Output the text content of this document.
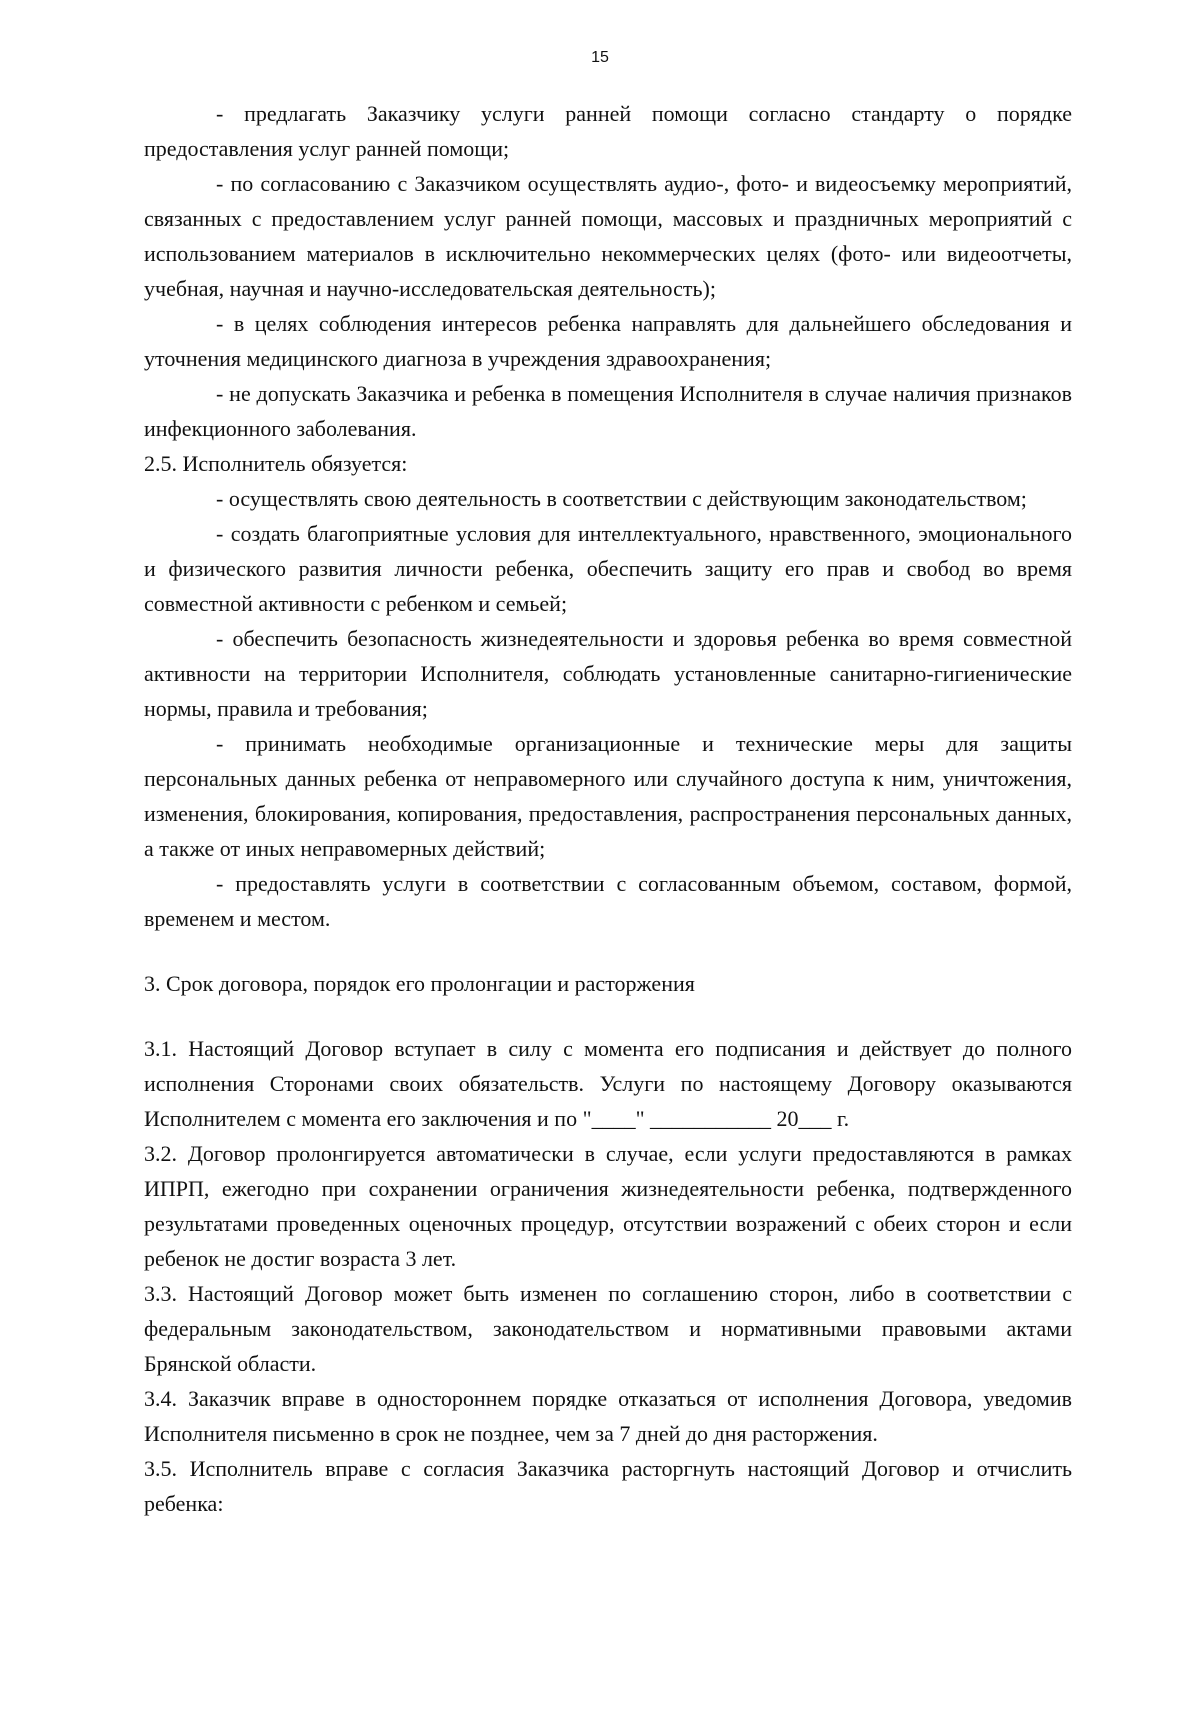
15

- предлагать Заказчику услуги ранней помощи согласно стандарту о порядке предоставления услуг ранней помощи;

- по согласованию с Заказчиком осуществлять аудио-, фото- и видеосъемку мероприятий, связанных с предоставлением услуг ранней помощи, массовых и праздничных мероприятий с использованием материалов в исключительно некоммерческих целях (фото- или видеоотчеты, учебная, научная и научно-исследовательская деятельность);

- в целях соблюдения интересов ребенка направлять для дальнейшего обследования и уточнения медицинского диагноза в учреждения здравоохранения;

- не допускать Заказчика и ребенка в помещения Исполнителя в случае наличия признаков инфекционного заболевания.

2.5. Исполнитель обязуется:

- осуществлять свою деятельность в соответствии с действующим законодательством;

- создать благоприятные условия для интеллектуального, нравственного, эмоционального и физического развития личности ребенка, обеспечить защиту его прав и свобод во время совместной активности с ребенком и семьей;

- обеспечить безопасность жизнедеятельности и здоровья ребенка во время совместной активности на территории Исполнителя, соблюдать установленные санитарно-гигиенические нормы, правила и требования;

- принимать необходимые организационные и технические меры для защиты персональных данных ребенка от неправомерного или случайного доступа к ним, уничтожения, изменения, блокирования, копирования, предоставления, распространения персональных данных, а также от иных неправомерных действий;

- предоставлять услуги в соответствии с согласованным объемом, составом, формой, временем и местом.

3. Срок договора, порядок его пролонгации и расторжения

3.1. Настоящий Договор вступает в силу с момента его подписания и действует до полного исполнения Сторонами своих обязательств. Услуги по настоящему Договору оказываются Исполнителем с момента его заключения и по "____" ___________ 20___ г.

3.2. Договор пролонгируется автоматически в случае, если услуги предоставляются в рамках ИПРП, ежегодно при сохранении ограничения жизнедеятельности ребенка, подтвержденного результатами проведенных оценочных процедур, отсутствии возражений с обеих сторон и если ребенок не достиг возраста 3 лет.

3.3. Настоящий Договор может быть изменен по соглашению сторон, либо в соответствии с федеральным законодательством, законодательством и нормативными правовыми актами Брянской области.

3.4. Заказчик вправе в одностороннем порядке отказаться от исполнения Договора, уведомив Исполнителя письменно в срок не позднее, чем за 7 дней до дня расторжения.

3.5. Исполнитель вправе с согласия Заказчика расторгнуть настоящий Договор и отчислить ребенка:
